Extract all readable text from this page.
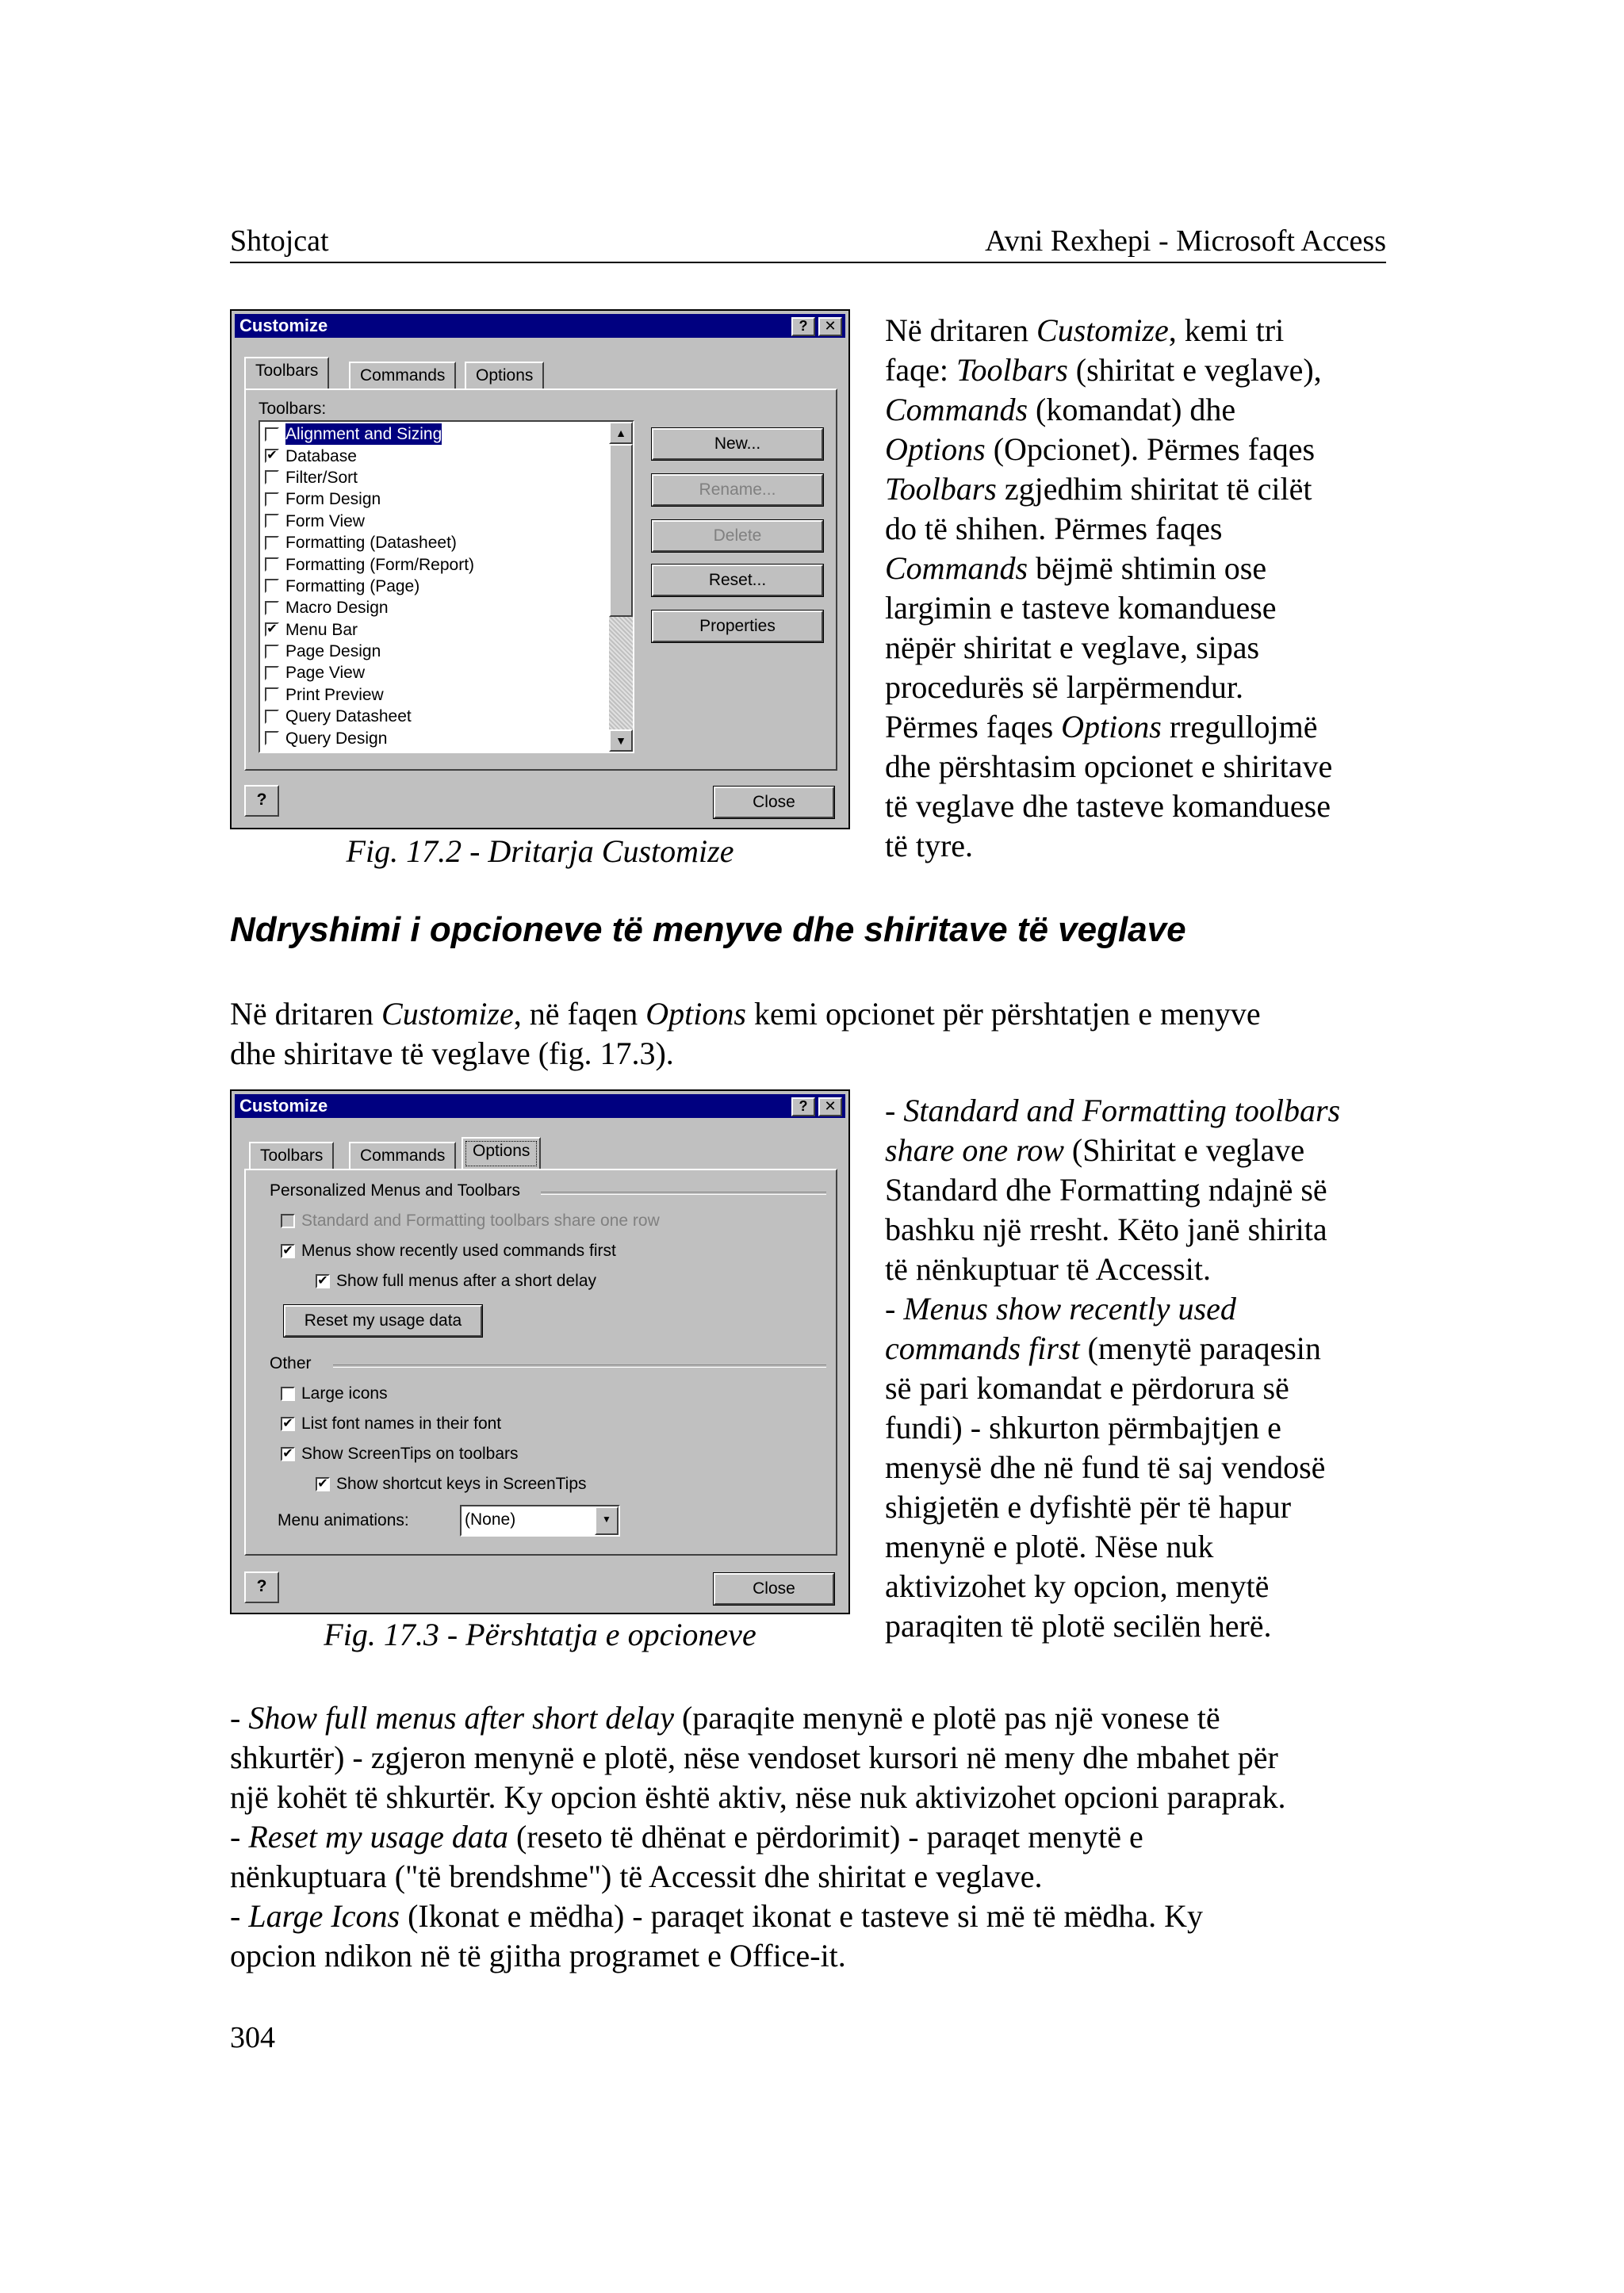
Shtojcat	Avni Rexhepi - Microsoft Access
Customize	?	✕
Toolbars	Commands	Options
Toolbars:
Alignment and Sizing
✔ Database
Filter/Sort
Form Design
Form View
Formatting (Datasheet)
Formatting (Form/Report)
Formatting (Page)
Macro Design
✔ Menu Bar
Page Design
Page View
Print Preview
Query Datasheet
Query Design
▲
▼
New...
Rename...
Delete
Reset...
Properties
?	Close
Fig. 17.2 - Dritarja Customize
Në dritaren Customize, kemi tri
faqe: Toolbars (shiritat e veglave),
Commands (komandat) dhe
Options (Opcionet). Përmes faqes
Toolbars zgjedhim shiritat të cilët
do të shihen. Përmes faqes
Commands bëjmë shtimin ose
largimin e tasteve komanduese
nëpër shiritat e veglave, sipas
procedurës së larpërmendur.
Përmes faqes Options rregullojmë
dhe përshtasim opcionet e shiritave
të veglave dhe tasteve komanduese
të tyre.
Ndryshimi i opcioneve të menyve dhe shiritave të veglave
Në dritaren Customize, në faqen Options kemi opcionet për përshtatjen e menyve
dhe shiritave të veglave (fig. 17.3).
Customize	?	✕
Toolbars	Commands	Options
Personalized Menus and Toolbars
Standard and Formatting toolbars share one row
✔ Menus show recently used commands first
✔ Show full menus after a short delay
Reset my usage data
Other
Large icons
✔ List font names in their font
✔ Show ScreenTips on toolbars
✔ Show shortcut keys in ScreenTips
Menu animations:	(None)	▼
?	Close
Fig. 17.3 - Përshtatja e opcioneve
- Standard and Formatting toolbars
share one row (Shiritat e veglave
Standard dhe Formatting ndajnë së
bashku një rresht. Këto janë shirita
të nënkuptuar të Accessit.
- Menus show recently used
commands first (menytë paraqesin
së pari komandat e përdorura së
fundi) - shkurton përmbajtjen e
menysë dhe në fund të saj vendosë
shigjetën e dyfishtë për të hapur
menynë e plotë. Nëse nuk
aktivizohet ky opcion, menytë
paraqiten të plotë secilën herë.
- Show full menus after short delay (paraqite menynë e plotë pas një vonese të
shkurtër) - zgjeron menynë e plotë, nëse vendoset kursori në meny dhe mbahet për
një kohët të shkurtër. Ky opcion është aktiv, nëse nuk aktivizohet opcioni paraprak.
- Reset my usage data (reseto të dhënat e përdorimit) - paraqet menytë e
nënkuptuara ("të brendshme") të Accessit dhe shiritat e veglave.
- Large Icons (Ikonat e mëdha) - paraqet ikonat e tasteve si më të mëdha. Ky
opcion ndikon në të gjitha programet e Office-it.
304
